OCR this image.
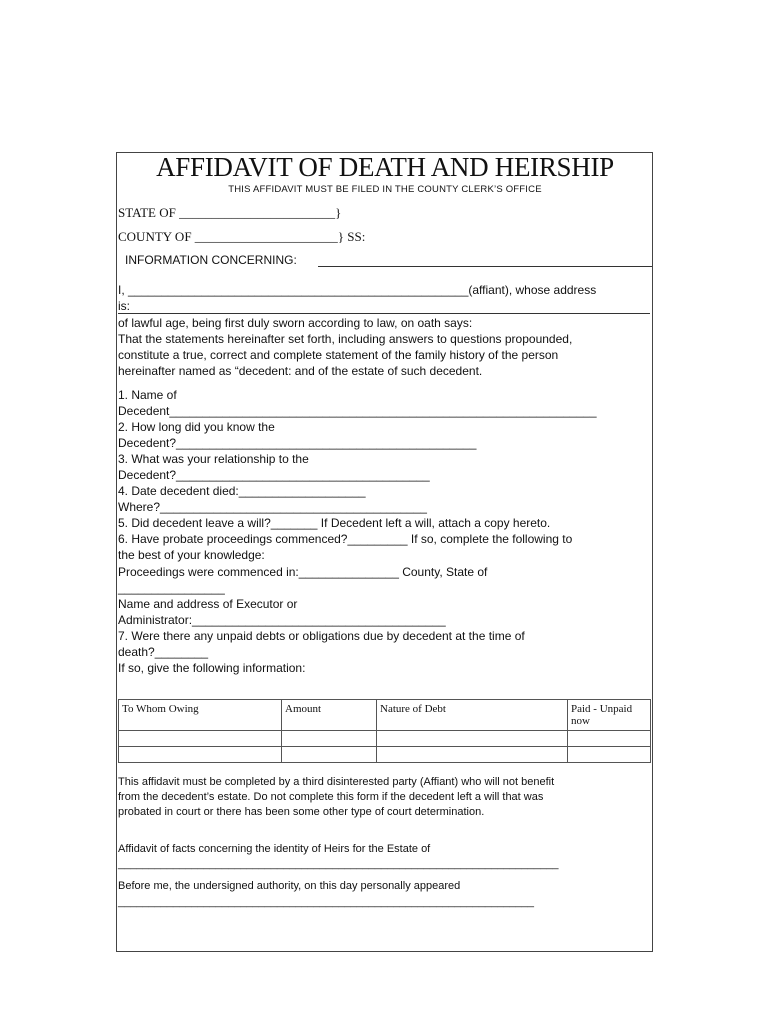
AFFIDAVIT OF DEATH AND HEIRSHIP
THIS AFFIDAVIT MUST BE FILED IN THE COUNTY CLERK’S OFFICE
STATE OF ________________________}
COUNTY OF ______________________} SS:
INFORMATION CONCERNING:
I, ___________________________________________________(affiant), whose address
is:
of lawful age, being first duly sworn according to law, on oath says:
That the statements hereinafter set forth, including answers to questions propounded,
constitute a true, correct and complete statement of the family history of the person
hereinafter named as “decedent: and of the estate of such decedent.
1. Name of
Decedent________________________________________________________________
2. How long did you know the
Decedent?_____________________________________________
3. What was your relationship to the
Decedent?______________________________________
4. Date decedent died:___________________
Where?________________________________________
5. Did decedent leave a will?_______ If Decedent left a will, attach a copy hereto.
6. Have probate proceedings commenced?_________ If so, complete the following to
the best of your knowledge:
Proceedings were commenced in:_______________ County, State of
________________
Name and address of Executor or
Administrator:______________________________________
7. Were there any unpaid debts or obligations due by decedent at the time of
death?________
If so, give the following information:
To Whom Owing	Amount	Nature of Debt	Paid - Unpaid now

This affidavit must be completed by a third disinterested party (Affiant) who will not benefit
from the decedent’s estate. Do not complete this form if the decedent left a will that was
probated in court or there has been some other type of court determination.
Affidavit of facts concerning the identity of Heirs for the Estate of
________________________________________________________________________
Before me, the undersigned authority, on this day personally appeared
____________________________________________________________________
